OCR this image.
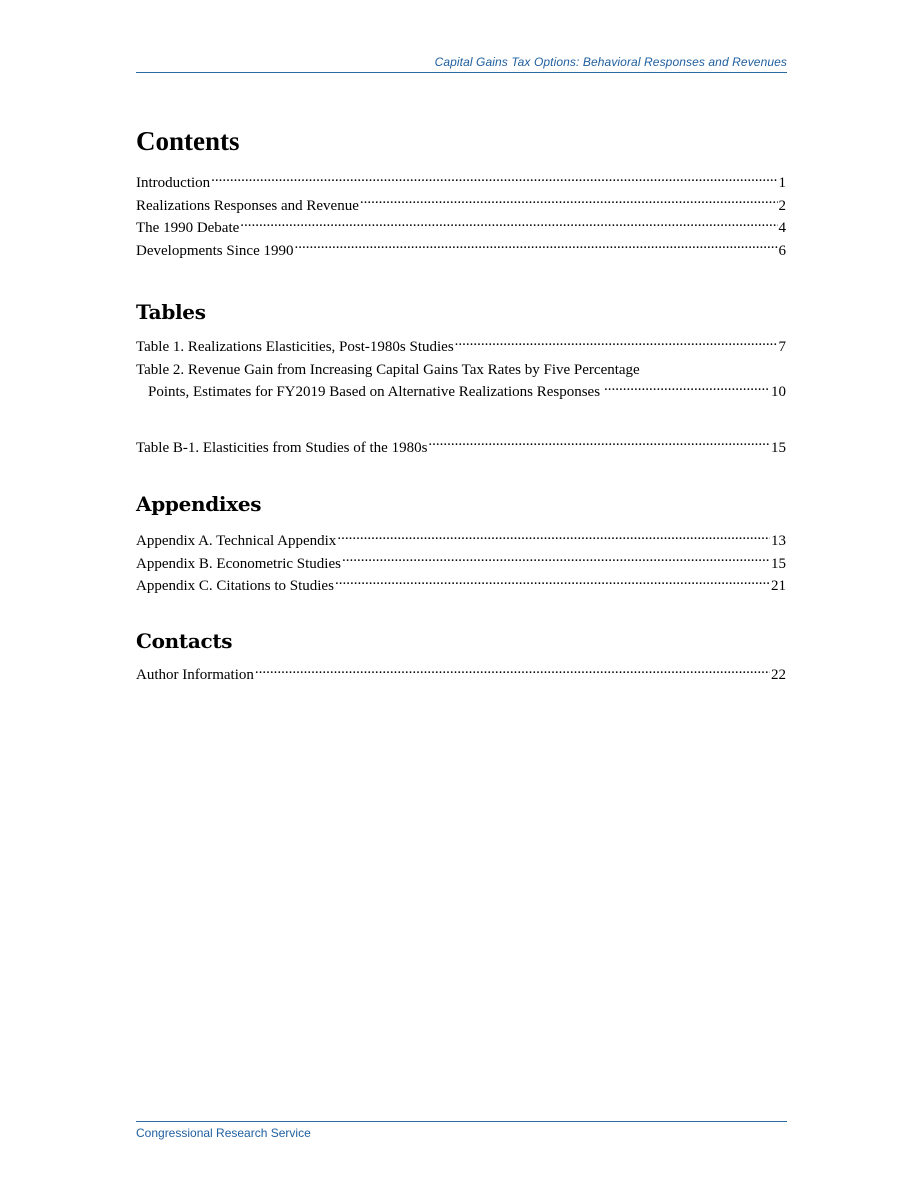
Capital Gains Tax Options: Behavioral Responses and Revenues
Contents
Introduction .....	1
Realizations Responses and Revenue .....	2
The 1990 Debate .....	4
Developments Since 1990 .....	6
Tables
Table 1. Realizations Elasticities, Post-1980s Studies .....	7
Table 2. Revenue Gain from Increasing Capital Gains Tax Rates by Five Percentage
Points, Estimates for FY2019 Based on Alternative Realizations Responses .....	10
Table B-1. Elasticities from Studies of the 1980s .....	15
Appendixes
Appendix A. Technical Appendix .....	13
Appendix B. Econometric Studies .....	15
Appendix C. Citations to Studies .....	21
Contacts
Author Information .....	22
Congressional Research Service
